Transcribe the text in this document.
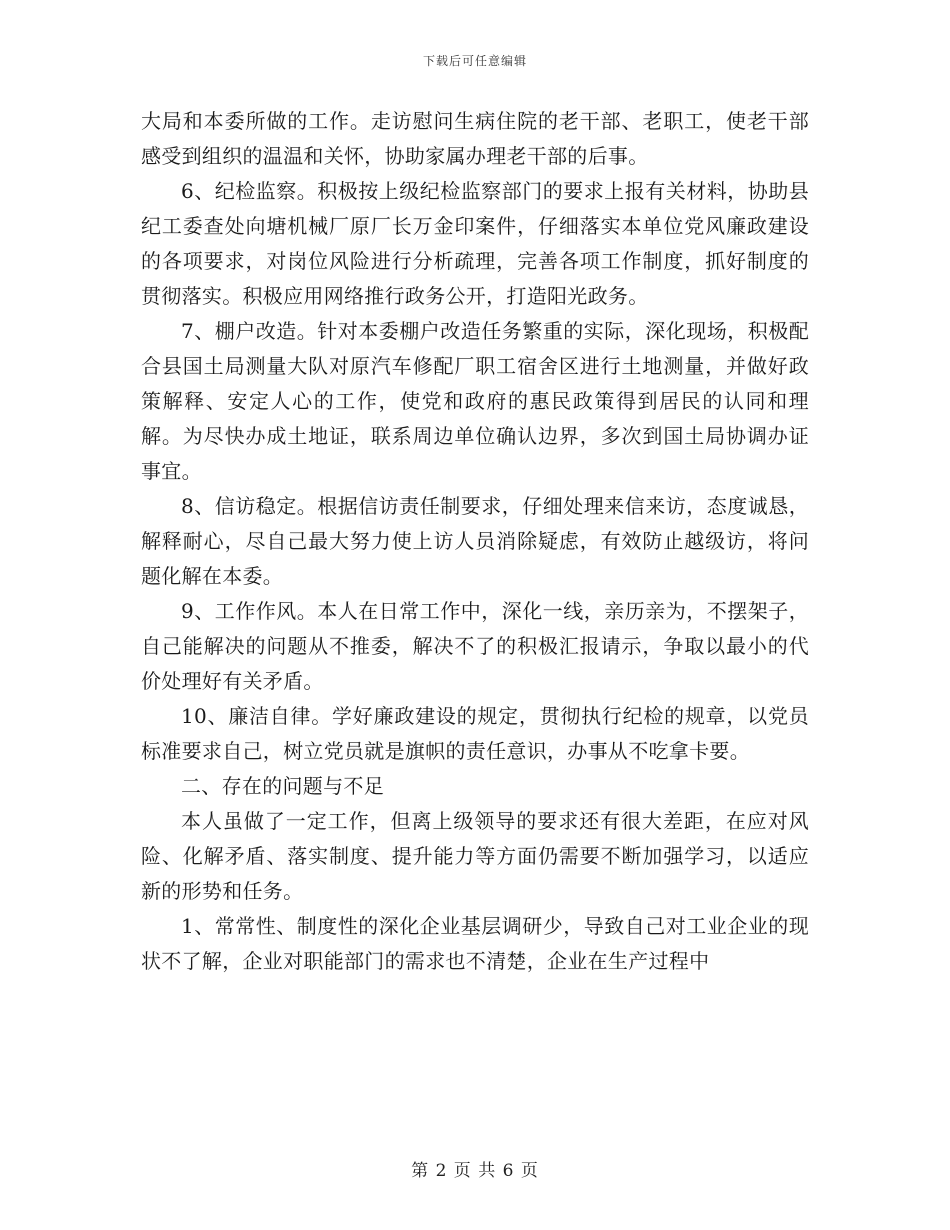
下载后可任意编辑

大局和本委所做的工作。走访慰问生病住院的老干部、老职工，使老干部感受到组织的温温和关怀，协助家属办理老干部的后事。

6、纪检监察。积极按上级纪检监察部门的要求上报有关材料，协助县纪工委查处向塘机械厂原厂长万金印案件，仔细落实本单位党风廉政建设的各项要求，对岗位风险进行分析疏理，完善各项工作制度，抓好制度的贯彻落实。积极应用网络推行政务公开，打造阳光政务。

7、棚户改造。针对本委棚户改造任务繁重的实际，深化现场，积极配合县国土局测量大队对原汽车修配厂职工宿舍区进行土地测量，并做好政策解释、安定人心的工作，使党和政府的惠民政策得到居民的认同和理解。为尽快办成土地证，联系周边单位确认边界，多次到国土局协调办证事宜。

8、信访稳定。根据信访责任制要求，仔细处理来信来访，态度诚恳，解释耐心，尽自己最大努力使上访人员消除疑虑，有效防止越级访，将问题化解在本委。

9、工作作风。本人在日常工作中，深化一线，亲历亲为，不摆架子，自己能解决的问题从不推委，解决不了的积极汇报请示，争取以最小的代价处理好有关矛盾。

10、廉洁自律。学好廉政建设的规定，贯彻执行纪检的规章，以党员标准要求自己，树立党员就是旗帜的责任意识，办事从不吃拿卡要。

二、存在的问题与不足

本人虽做了一定工作，但离上级领导的要求还有很大差距，在应对风险、化解矛盾、落实制度、提升能力等方面仍需要不断加强学习，以适应新的形势和任务。

1、常常性、制度性的深化企业基层调研少，导致自己对工业企业的现状不了解，企业对职能部门的需求也不清楚，企业在生产过程中

第 2 页 共 6 页
